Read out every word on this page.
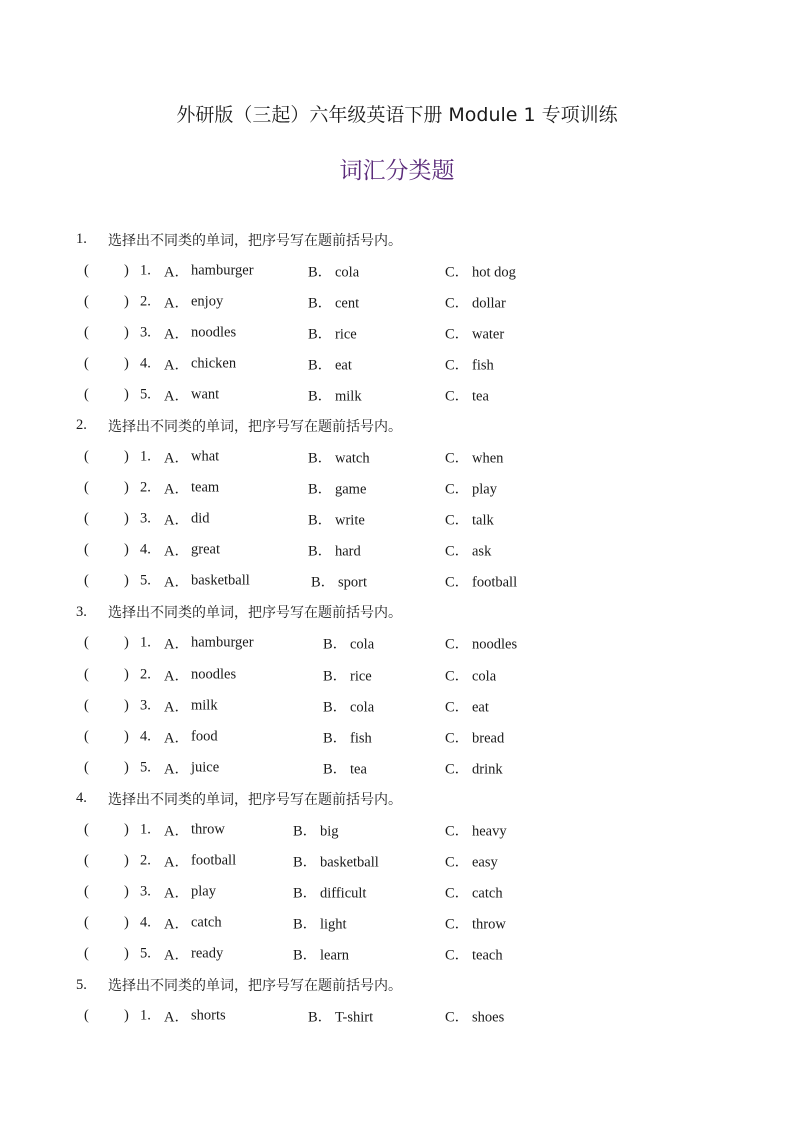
外研版（三起）六年级英语下册 Module 1 专项训练
词汇分类题
1.	选择出不同类的单词，把序号写在题前括号内。
( ) 1. A． hamburger	B． cola	C． hot dog
( ) 2. A． enjoy	B． cent	C． dollar
( ) 3. A． noodles	B． rice	C． water
( ) 4. A． chicken	B． eat	C． fish
( ) 5. A． want	B． milk	C． tea
2.	选择出不同类的单词，把序号写在题前括号内。
( ) 1. A． what	B． watch	C． when
( ) 2. A． team	B． game	C． play
( ) 3. A． did	B． write	C． talk
( ) 4. A． great	B． hard	C． ask
( ) 5. A． basketball	B． sport	C． football
3.	选择出不同类的单词，把序号写在题前括号内。
( ) 1. A． hamburger	B． cola	C． noodles
( ) 2. A． noodles	B． rice	C． cola
( ) 3. A． milk	B． cola	C． eat
( ) 4. A． food	B． fish	C． bread
( ) 5. A． juice	B． tea	C． drink
4.	选择出不同类的单词，把序号写在题前括号内。
( ) 1. A． throw	B． big	C． heavy
( ) 2. A． football	B． basketball	C． easy
( ) 3. A． play	B． difficult	C． catch
( ) 4. A． catch	B． light	C． throw
( ) 5. A． ready	B． learn	C． teach
5.	选择出不同类的单词，把序号写在题前括号内。
( ) 1. A． shorts	B． T-shirt	C． shoes
